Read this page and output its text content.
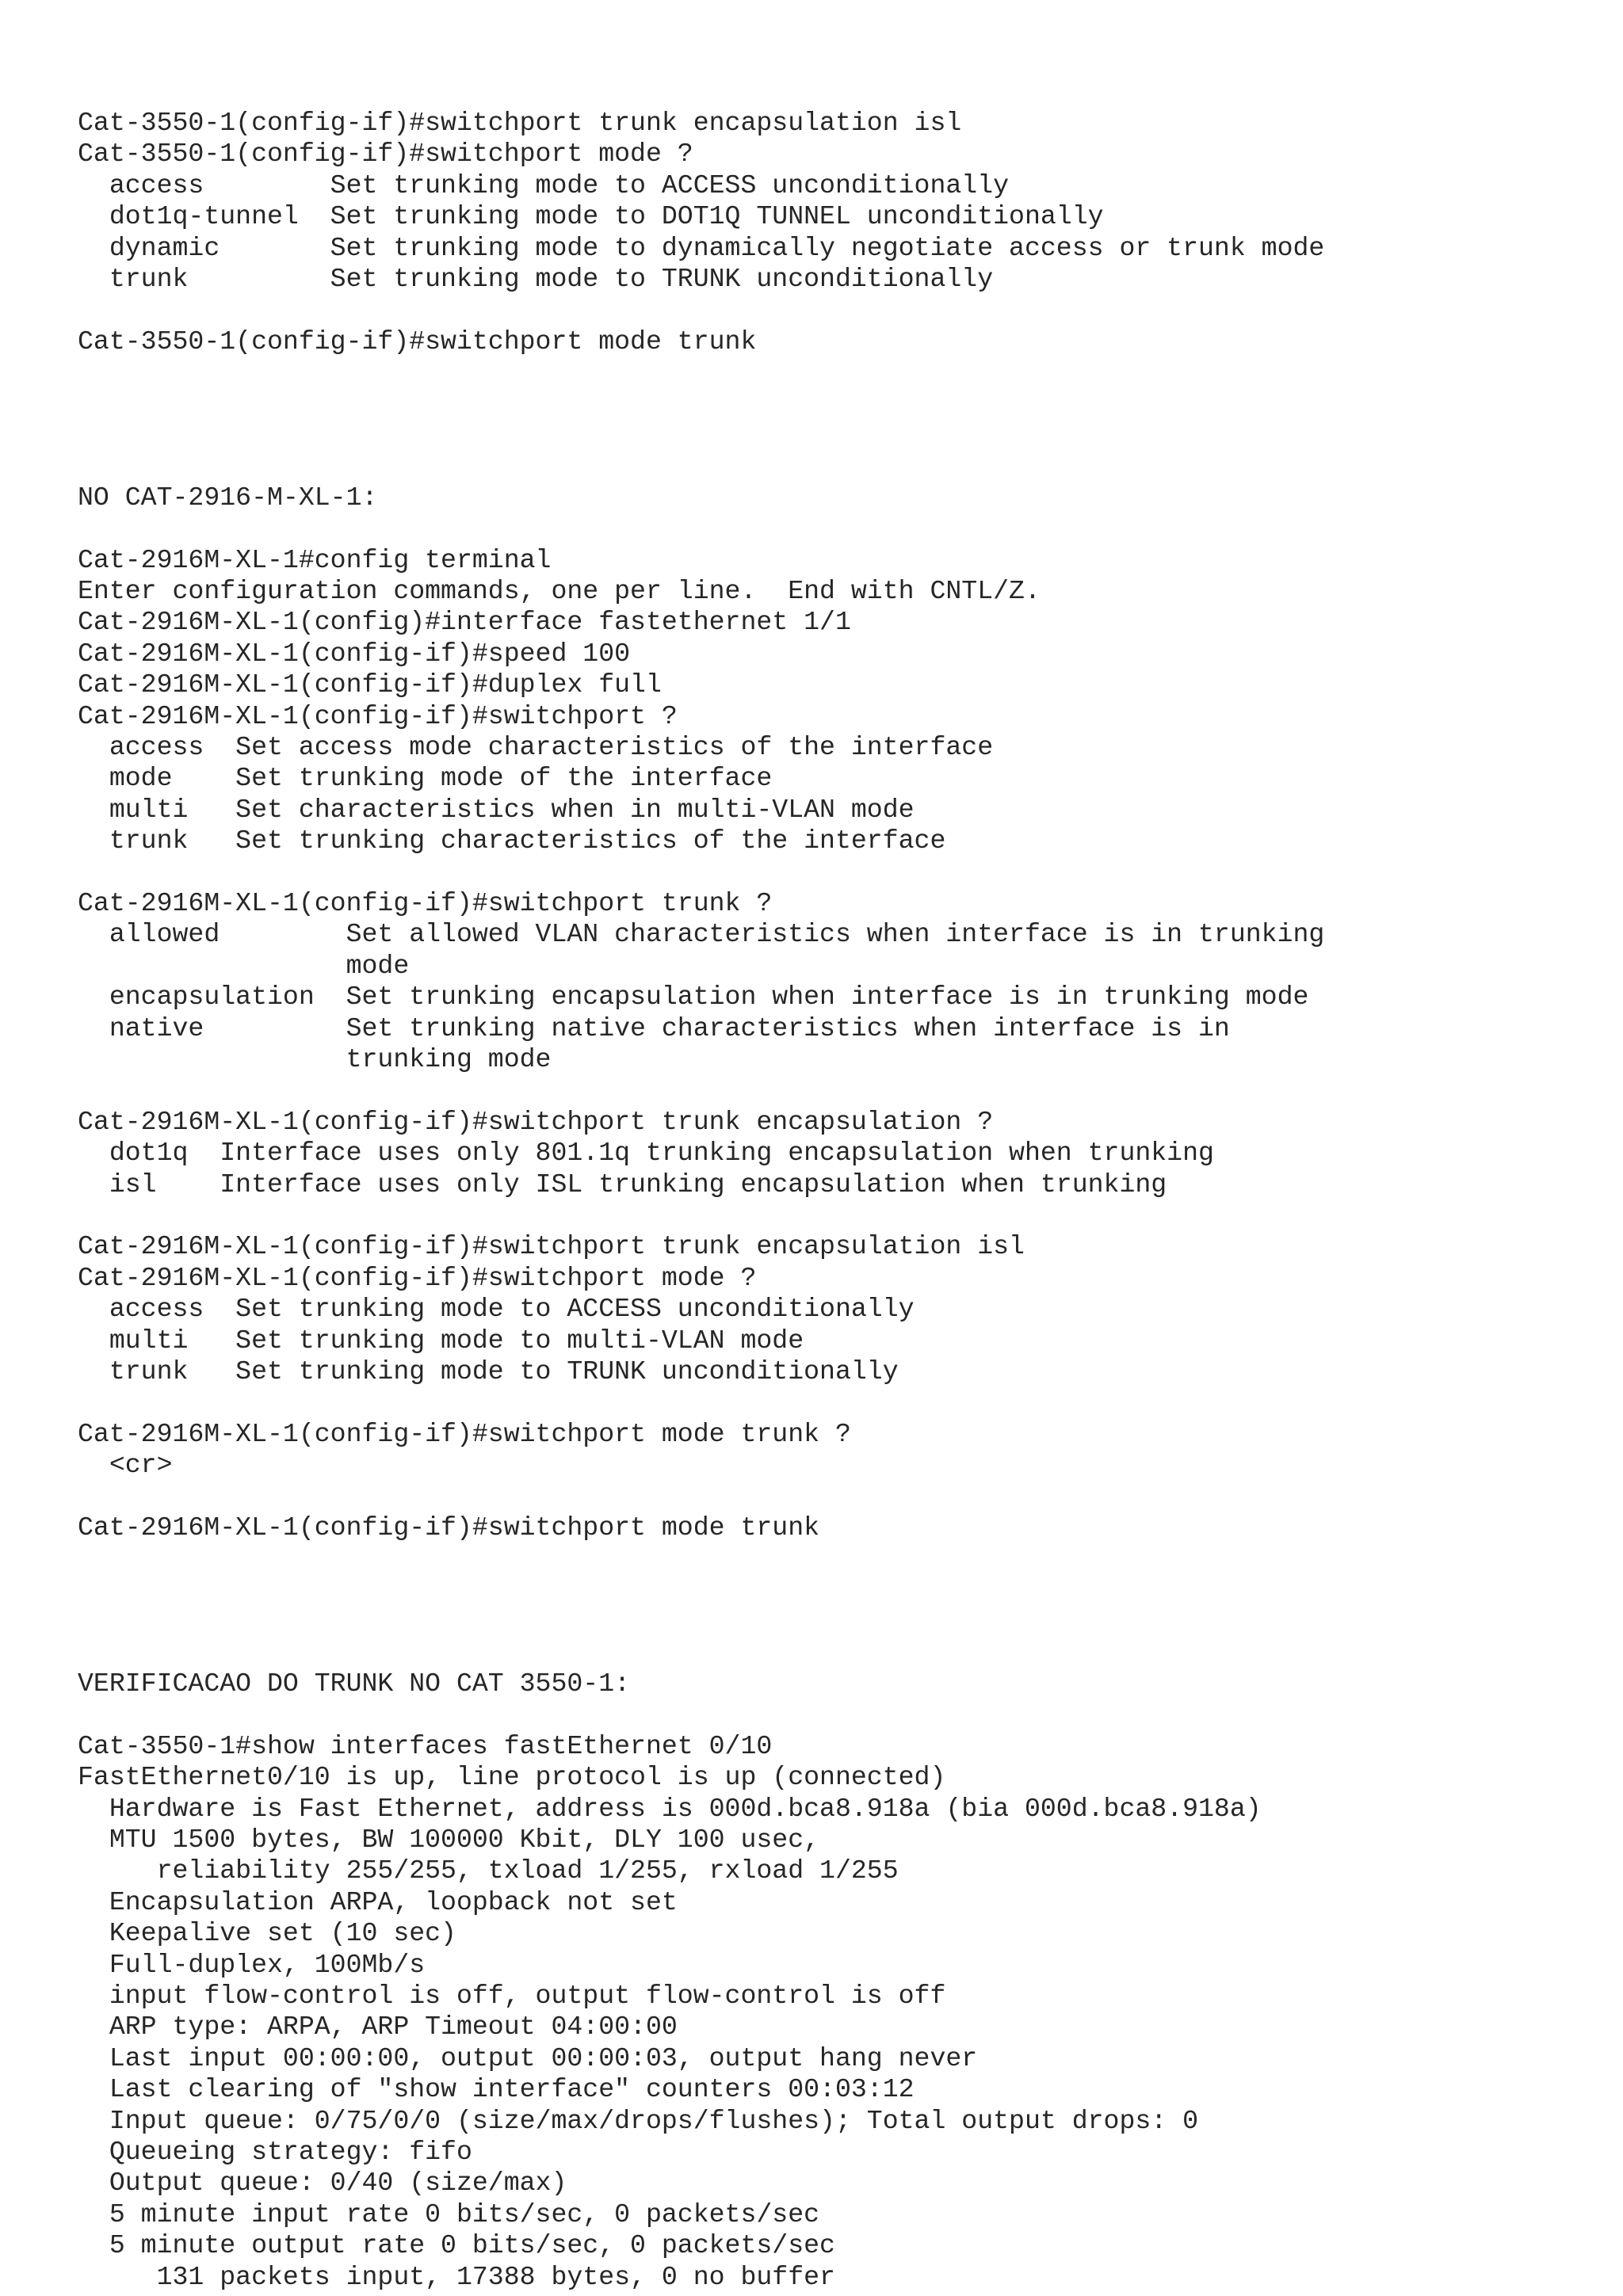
Cat-3550-1(config-if)#switchport trunk encapsulation isl
Cat-3550-1(config-if)#switchport mode ?
access        Set trunking mode to ACCESS unconditionally
dot1q-tunnel  Set trunking mode to DOT1Q TUNNEL unconditionally
dynamic       Set trunking mode to dynamically negotiate access or trunk mode
trunk         Set trunking mode to TRUNK unconditionally
Cat-3550-1(config-if)#switchport mode trunk
NO CAT-2916-M-XL-1:
Cat-2916M-XL-1#config terminal
Enter configuration commands, one per line.  End with CNTL/Z.
Cat-2916M-XL-1(config)#interface fastethernet 1/1
Cat-2916M-XL-1(config-if)#speed 100
Cat-2916M-XL-1(config-if)#duplex full
Cat-2916M-XL-1(config-if)#switchport ?
access  Set access mode characteristics of the interface
mode    Set trunking mode of the interface
multi   Set characteristics when in multi-VLAN mode
trunk   Set trunking characteristics of the interface
Cat-2916M-XL-1(config-if)#switchport trunk ?
allowed        Set allowed VLAN characteristics when interface is in trunking
mode
encapsulation  Set trunking encapsulation when interface is in trunking mode
native         Set trunking native characteristics when interface is in
trunking mode
Cat-2916M-XL-1(config-if)#switchport trunk encapsulation ?
dot1q  Interface uses only 801.1q trunking encapsulation when trunking
isl    Interface uses only ISL trunking encapsulation when trunking
Cat-2916M-XL-1(config-if)#switchport trunk encapsulation isl
Cat-2916M-XL-1(config-if)#switchport mode ?
access  Set trunking mode to ACCESS unconditionally
multi   Set trunking mode to multi-VLAN mode
trunk   Set trunking mode to TRUNK unconditionally
Cat-2916M-XL-1(config-if)#switchport mode trunk ?
<cr>
Cat-2916M-XL-1(config-if)#switchport mode trunk
VERIFICACAO DO TRUNK NO CAT 3550-1:
Cat-3550-1#show interfaces fastEthernet 0/10
FastEthernet0/10 is up, line protocol is up (connected)
Hardware is Fast Ethernet, address is 000d.bca8.918a (bia 000d.bca8.918a)
MTU 1500 bytes, BW 100000 Kbit, DLY 100 usec,
reliability 255/255, txload 1/255, rxload 1/255
Encapsulation ARPA, loopback not set
Keepalive set (10 sec)
Full-duplex, 100Mb/s
input flow-control is off, output flow-control is off
ARP type: ARPA, ARP Timeout 04:00:00
Last input 00:00:00, output 00:00:03, output hang never
Last clearing of "show interface" counters 00:03:12
Input queue: 0/75/0/0 (size/max/drops/flushes); Total output drops: 0
Queueing strategy: fifo
Output queue: 0/40 (size/max)
5 minute input rate 0 bits/sec, 0 packets/sec
5 minute output rate 0 bits/sec, 0 packets/sec
131 packets input, 17388 bytes, 0 no buffer
